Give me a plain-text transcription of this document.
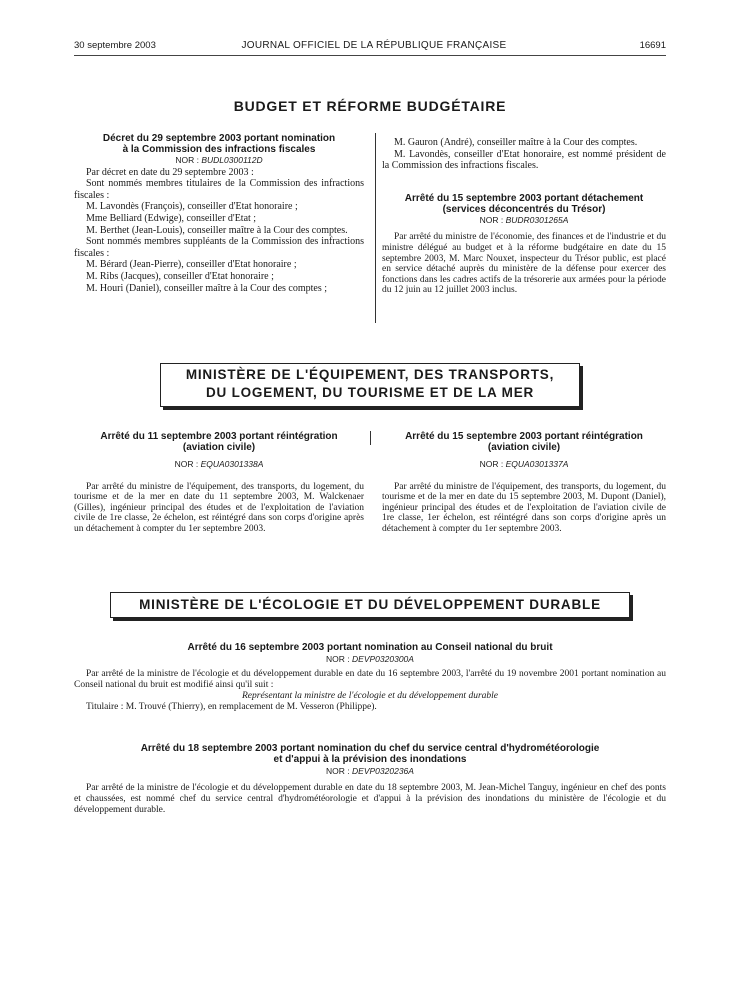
30 septembre 2003	JOURNAL OFFICIEL DE LA RÉPUBLIQUE FRANÇAISE	16691
BUDGET ET RÉFORME BUDGÉTAIRE

Décret du 29 septembre 2003 portant nomination

à la Commission des infractions fiscales

NOR : BUDL0300112D

Par décret en date du 29 septembre 2003 :

Sont nommés membres titulaires de la Commission des infractions fiscales :

M. Lavondès (François), conseiller d'Etat honoraire ;

Mme Belliard (Edwige), conseiller d'Etat ;

M. Berthet (Jean-Louis), conseiller maître à la Cour des comptes.

Sont nommés membres suppléants de la Commission des infractions fiscales :

M. Bérard (Jean-Pierre), conseiller d'Etat honoraire ;

M. Ribs (Jacques), conseiller d'Etat honoraire ;

M. Houri (Daniel), conseiller maître à la Cour des comptes ;

M. Gauron (André), conseiller maître à la Cour des comptes.

M. Lavondès, conseiller d'Etat honoraire, est nommé président de la Commission des infractions fiscales.

Arrêté du 15 septembre 2003 portant détachement

(services déconcentrés du Trésor)

NOR : BUDR0301265A

Par arrêté du ministre de l'économie, des finances et de l'industrie et du ministre délégué au budget et à la réforme budgétaire en date du 15 septembre 2003, M. Marc Nouxet, inspecteur du Trésor public, est placé en service détaché auprès du ministère de la défense pour exercer des fonctions dans les cadres actifs de la trésorerie aux armées pour la période du 12 juin au 12 juillet 2003 inclus.

MINISTÈRE DE L'ÉQUIPEMENT, DES TRANSPORTS,
DU LOGEMENT, DU TOURISME ET DE LA MER

Arrêté du 11 septembre 2003 portant réintégration

(aviation civile)

NOR : EQUA0301338A

Par arrêté du ministre de l'équipement, des transports, du logement, du tourisme et de la mer en date du 11 septembre 2003, M. Walckenaer (Gilles), ingénieur principal des études et de l'exploitation de l'aviation civile de 1re classe, 2e échelon, est réintégré dans son corps d'origine après un détachement à compter du 1er septembre 2003.

Arrêté du 15 septembre 2003 portant réintégration

(aviation civile)

NOR : EQUA0301337A

Par arrêté du ministre de l'équipement, des transports, du logement, du tourisme et de la mer en date du 15 septembre 2003, M. Dupont (Daniel), ingénieur principal des études et de l'exploitation de l'aviation civile de 1re classe, 1er échelon, est réintégré dans son corps d'origine après un détachement à compter du 1er septembre 2003.

MINISTÈRE DE L'ÉCOLOGIE ET DU DÉVELOPPEMENT DURABLE

Arrêté du 16 septembre 2003 portant nomination au Conseil national du bruit

NOR : DEVP0320300A

Par arrêté de la ministre de l'écologie et du développement durable en date du 16 septembre 2003, l'arrêté du 19 novembre 2001 portant nomination au Conseil national du bruit est modifié ainsi qu'il suit :

Représentant la ministre de l'écologie et du développement durable

Titulaire : M. Trouvé (Thierry), en remplacement de M. Vesseron (Philippe).

Arrêté du 18 septembre 2003 portant nomination du chef du service central d'hydrométéorologie

et d'appui à la prévision des inondations

NOR : DEVP0320236A

Par arrêté de la ministre de l'écologie et du développement durable en date du 18 septembre 2003, M. Jean-Michel Tanguy, ingénieur en chef des ponts et chaussées, est nommé chef du service central d'hydrométéorologie et d'appui à la prévision des inondations du ministère de l'écologie et du développement durable.
